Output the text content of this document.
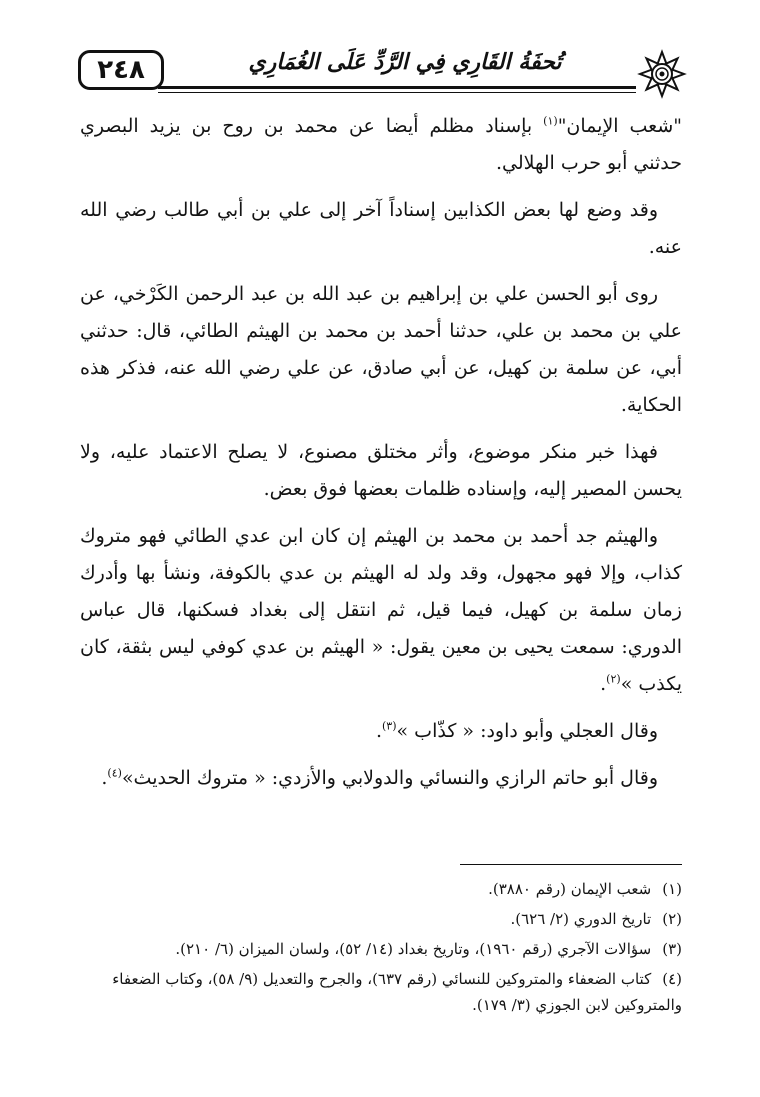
٢٤٨	تُحفَةُ القَارِي فِي الرَّدِّ عَلَى الغُمَارِي

"شعب الإيمان"$^{(١)}$ بإسناد مظلم أيضا عن محمد بن روح بن يزيد البصري حدثني أبو حرب الهلالي.

وقد وضع لها بعض الكذابين إسناداً آخر إلى علي بن أبي طالب رضي الله عنه.

روى أبو الحسن علي بن إبراهيم بن عبد الله بن عبد الرحمن الكَرْخي، عن علي بن محمد بن علي، حدثنا أحمد بن محمد بن الهيثم الطائي، قال: حدثني أبي، عن سلمة بن كهيل، عن أبي صادق، عن علي رضي الله عنه، فذكر هذه الحكاية.

فهذا خبر منكر موضوع، وأثر مختلق مصنوع، لا يصلح الاعتماد عليه، ولا يحسن المصير إليه، وإسناده ظلمات بعضها فوق بعض.

والهيثم جد أحمد بن محمد بن الهيثم إن كان ابن عدي الطائي فهو متروك كذاب، وإلا فهو مجهول، وقد ولد له الهيثم بن عدي بالكوفة، ونشأ بها وأدرك زمان سلمة بن كهيل، فيما قيل، ثم انتقل إلى بغداد فسكنها، قال عباس الدوري: سمعت يحيى بن معين يقول: « الهيثم بن عدي كوفي ليس بثقة، كان يكذب »$^{(٢)}$.

وقال العجلي وأبو داود: « كذّاب »$^{(٣)}$.

وقال أبو حاتم الرازي والنسائي والدولابي والأزدي: « متروك الحديث»$^{(٤)}$.

(١) شعب الإيمان (رقم ٣٨٨٠).

(٢) تاريخ الدوري (٢/ ٦٢٦).

(٣) سؤالات الآجري (رقم ١٩٦٠)، وتاريخ بغداد (١٤/ ٥٢)، ولسان الميزان (٦/ ٢١٠).

(٤) كتاب الضعفاء والمتروكين للنسائي (رقم ٦٣٧)، والجرح والتعديل (٩/ ٥٨)، وكتاب الضعفاء والمتروكين لابن الجوزي (٣/ ١٧٩).
